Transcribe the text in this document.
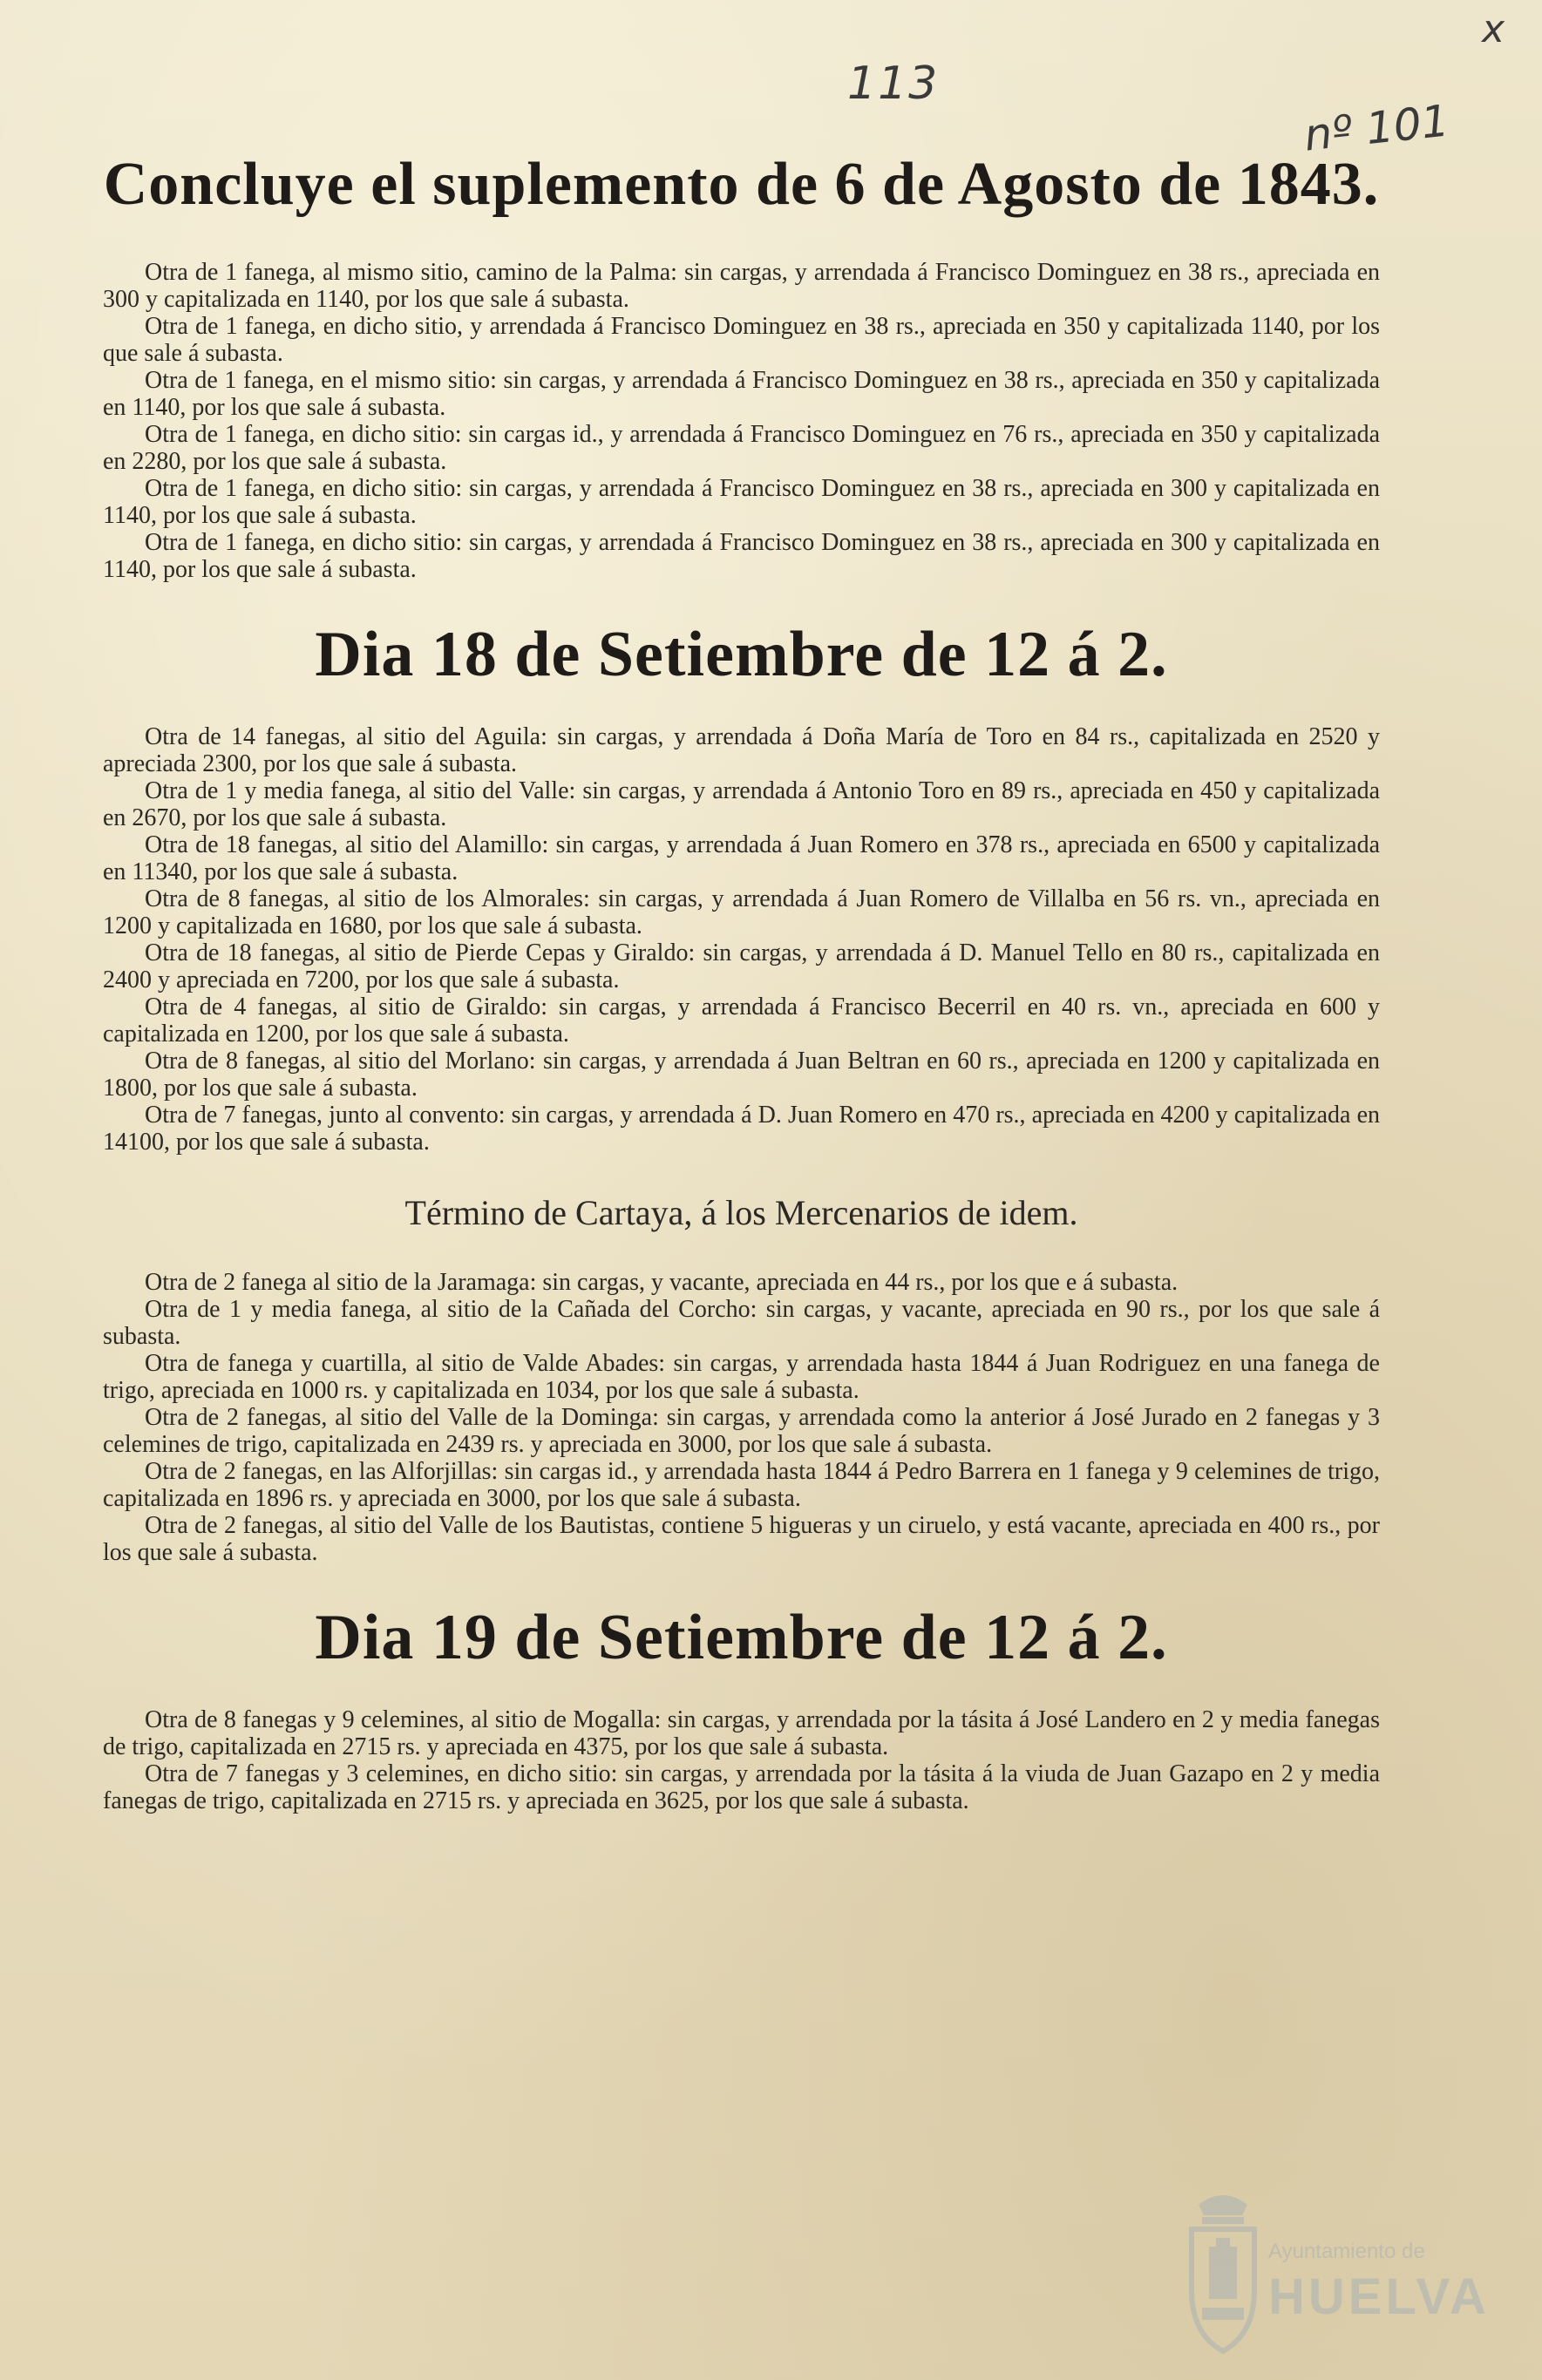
x
113
nº 101
Concluye el suplemento de 6 de Agosto de 1843.

Otra de 1 fanega, al mismo sitio, camino de la Palma: sin cargas, y arrendada á Francisco Dominguez en 38 rs., apreciada en 300 y capitalizada en 1140, por los que sale á subasta.

Otra de 1 fanega, en dicho sitio, y arrendada á Francisco Dominguez en 38 rs., apreciada en 350 y capitalizada 1140, por los que sale á subasta.

Otra de 1 fanega, en el mismo sitio: sin cargas, y arrendada á Francisco Dominguez en 38 rs., apreciada en 350 y capitalizada en 1140, por los que sale á subasta.

Otra de 1 fanega, en dicho sitio: sin cargas id., y arrendada á Francisco Dominguez en 76 rs., apreciada en 350 y capitalizada en 2280, por los que sale á subasta.

Otra de 1 fanega, en dicho sitio: sin cargas, y arrendada á Francisco Dominguez en 38 rs., apreciada en 300 y capitalizada en 1140, por los que sale á subasta.

Otra de 1 fanega, en dicho sitio: sin cargas, y arrendada á Francisco Dominguez en 38 rs., apreciada en 300 y capitalizada en 1140, por los que sale á subasta.

Dia 18 de Setiembre de 12 á 2.

Otra de 14 fanegas, al sitio del Aguila: sin cargas, y arrendada á Doña María de Toro en 84 rs., capitalizada en 2520 y apreciada 2300, por los que sale á subasta.

Otra de 1 y media fanega, al sitio del Valle: sin cargas, y arrendada á Antonio Toro en 89 rs., apreciada en 450 y capitalizada en 2670, por los que sale á subasta.

Otra de 18 fanegas, al sitio del Alamillo: sin cargas, y arrendada á Juan Romero en 378 rs., apreciada en 6500 y capitalizada en 11340, por los que sale á subasta.

Otra de 8 fanegas, al sitio de los Almorales: sin cargas, y arrendada á Juan Romero de Villalba en 56 rs. vn., apreciada en 1200 y capitalizada en 1680, por los que sale á subasta.

Otra de 18 fanegas, al sitio de Pierde Cepas y Giraldo: sin cargas, y arrendada á D. Manuel Tello en 80 rs., capitalizada en 2400 y apreciada en 7200, por los que sale á subasta.

Otra de 4 fanegas, al sitio de Giraldo: sin cargas, y arrendada á Francisco Becerril en 40 rs. vn., apreciada en 600 y capitalizada en 1200, por los que sale á subasta.

Otra de 8 fanegas, al sitio del Morlano: sin cargas, y arrendada á Juan Beltran en 60 rs., apreciada en 1200 y capitalizada en 1800, por los que sale á subasta.

Otra de 7 fanegas, junto al convento: sin cargas, y arrendada á D. Juan Romero en 470 rs., apreciada en 4200 y capitalizada en 14100, por los que sale á subasta.

Término de Cartaya, á los Mercenarios de idem.

Otra de 2 fanega al sitio de la Jaramaga: sin cargas, y vacante, apreciada en 44 rs., por los que e á subasta.

Otra de 1 y media fanega, al sitio de la Cañada del Corcho: sin cargas, y vacante, apreciada en 90 rs., por los que sale á subasta.

Otra de fanega y cuartilla, al sitio de Valde Abades: sin cargas, y arrendada hasta 1844 á Juan Rodriguez en una fanega de trigo, apreciada en 1000 rs. y capitalizada en 1034, por los que sale á subasta.

Otra de 2 fanegas, al sitio del Valle de la Dominga: sin cargas, y arrendada como la anterior á José Jurado en 2 fanegas y 3 celemines de trigo, capitalizada en 2439 rs. y apreciada en 3000, por los que sale á subasta.

Otra de 2 fanegas, en las Alforjillas: sin cargas id., y arrendada hasta 1844 á Pedro Barrera en 1 fanega y 9 celemines de trigo, capitalizada en 1896 rs. y apreciada en 3000, por los que sale á subasta.

Otra de 2 fanegas, al sitio del Valle de los Bautistas, contiene 5 higueras y un ciruelo, y está vacante, apreciada en 400 rs., por los que sale á subasta.

Dia 19 de Setiembre de 12 á 2.

Otra de 8 fanegas y 9 celemines, al sitio de Mogalla: sin cargas, y arrendada por la tásita á José Landero en 2 y media fanegas de trigo, capitalizada en 2715 rs. y apreciada en 4375, por los que sale á subasta.

Otra de 7 fanegas y 3 celemines, en dicho sitio: sin cargas, y arrendada por la tásita á la viuda de Juan Gazapo en 2 y media fanegas de trigo, capitalizada en 2715 rs. y apreciada en 3625, por los que sale á subasta.

Ayuntamiento de
HUELVA
